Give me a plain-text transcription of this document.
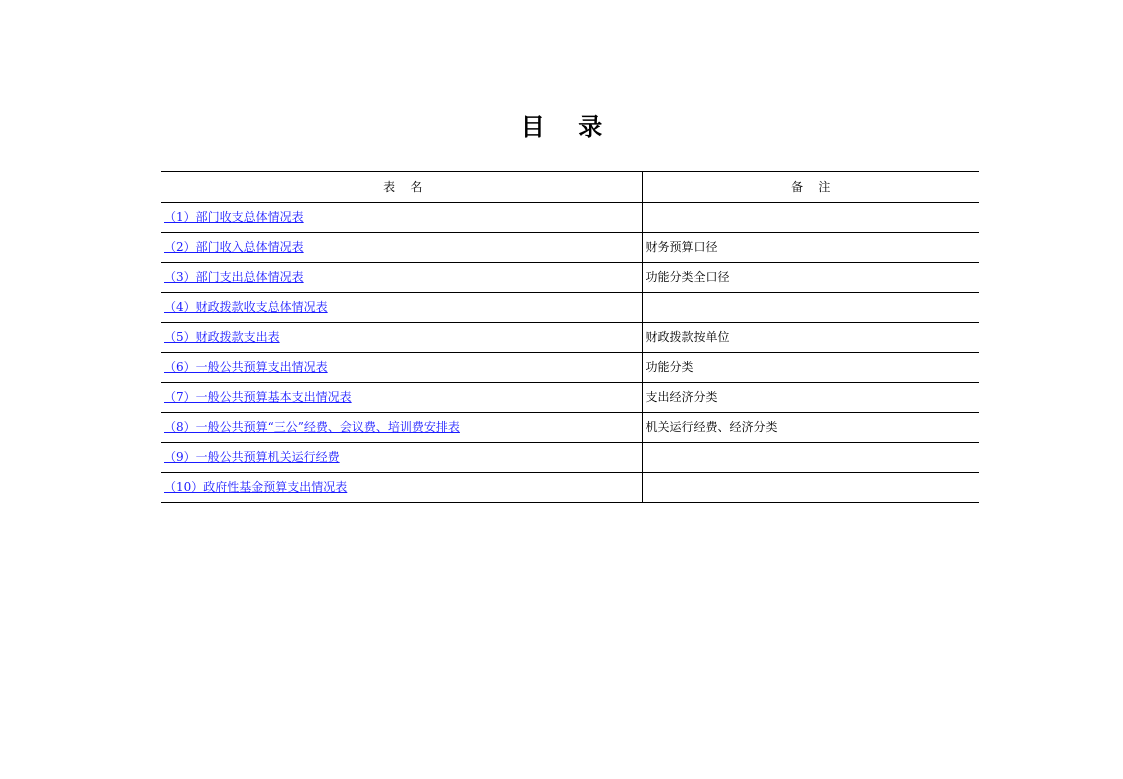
目    录
表    名	备    注
（1）部门收支总体情况表	
（2）部门收入总体情况表	财务预算口径
（3）部门支出总体情况表	功能分类全口径
（4）财政拨款收支总体情况表	
（5）财政拨款支出表	财政拨款按单位
（6）一般公共预算支出情况表	功能分类
（7）一般公共预算基本支出情况表	支出经济分类
（8）一般公共预算“三公”经费、会议费、培训费安排表	机关运行经费、经济分类
（9）一般公共预算机关运行经费	
（10）政府性基金预算支出情况表	
